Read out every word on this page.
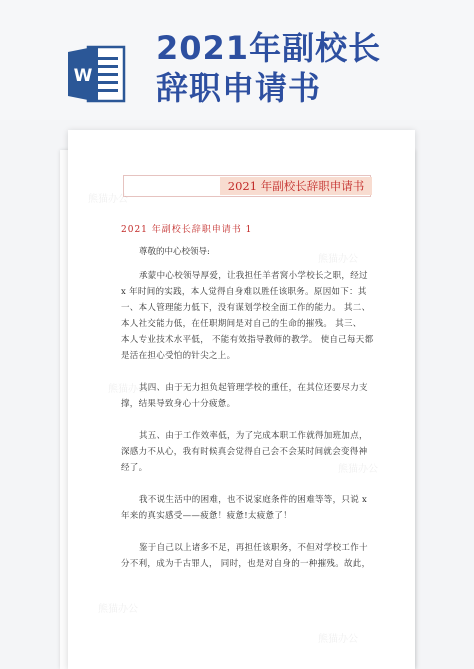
W
2021年副校长
辞职申请书
2021 年副校长辞职申请书
2021 年副校长辞职申请书 1
尊敬的中心校领导:
承蒙中心校领导厚爱，让我担任羊者窝小学校长之职，经过
x 年时间的实践，本人觉得自身难以胜任该职务。原因如下：其
一、本人管理能力低下，没有谋划学校全面工作的能力。 其二、
本人社交能力低，在任职期间是对自己的生命的摧残。 其三、
本人专业技术水平低， 不能有效指导教师的教学。 使自己每天都
是活在担心受怕的针尖之上。
其四、由于无力担负起管理学校的重任，在其位还要尽力支
撑，结果导致身心十分疲惫。
其五、由于工作效率低，为了完成本职工作就得加班加点，
深感力不从心，我有时候真会觉得自己会不会某时间就会变得神
经了。
我不说生活中的困难，也不说家庭条件的困难等等，只说 x
年来的真实感受——疲惫！疲惫!太疲惫了！
鉴于自己以上诸多不足，再担任该职务，不但对学校工作十
分不利，成为千古罪人， 同时，也是对自身的一种摧残。故此，
熊猫办公
熊猫办公
熊猫办公
熊猫办公
熊猫办公
熊猫办公
